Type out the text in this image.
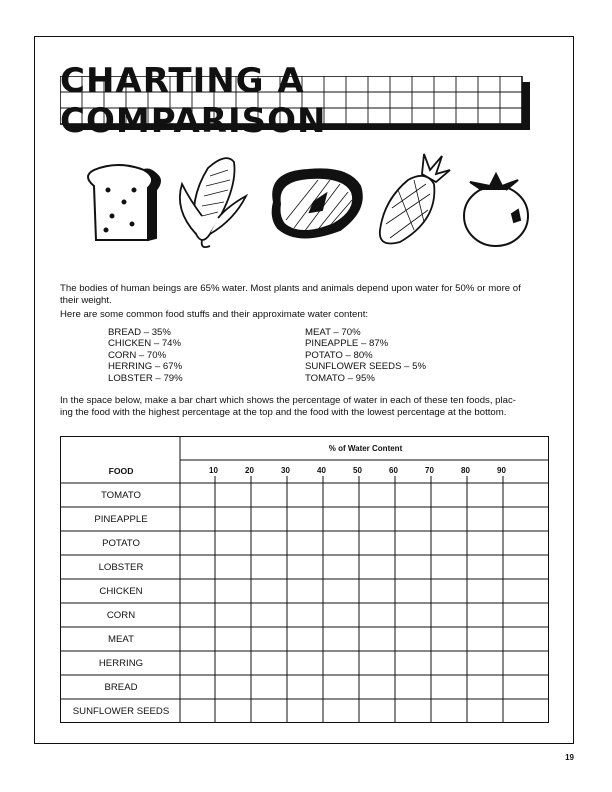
CHARTING A COMPARISON
The bodies of human beings are 65% water. Most plants and animals depend upon water for 50% or more of
their weight.
Here are some common food stuffs and their approximate water content:
BREAD – 35%
CHICKEN – 74%
CORN – 70%
HERRING – 67%
LOBSTER – 79%
MEAT – 70%
PINEAPPLE – 87%
POTATO – 80%
SUNFLOWER SEEDS – 5%
TOMATO – 95%
In the space below, make a bar chart which shows the percentage of water in each of these ten foods, plac-
ing the food with the highest percentage at the top and the food with the lowest percentage at the bottom.
% of Water Content
FOOD	10	20	30	40	50	60	70	80	90
TOMATO
PINEAPPLE
POTATO
LOBSTER
CHICKEN
CORN
MEAT
HERRING
BREAD
SUNFLOWER SEEDS
19
